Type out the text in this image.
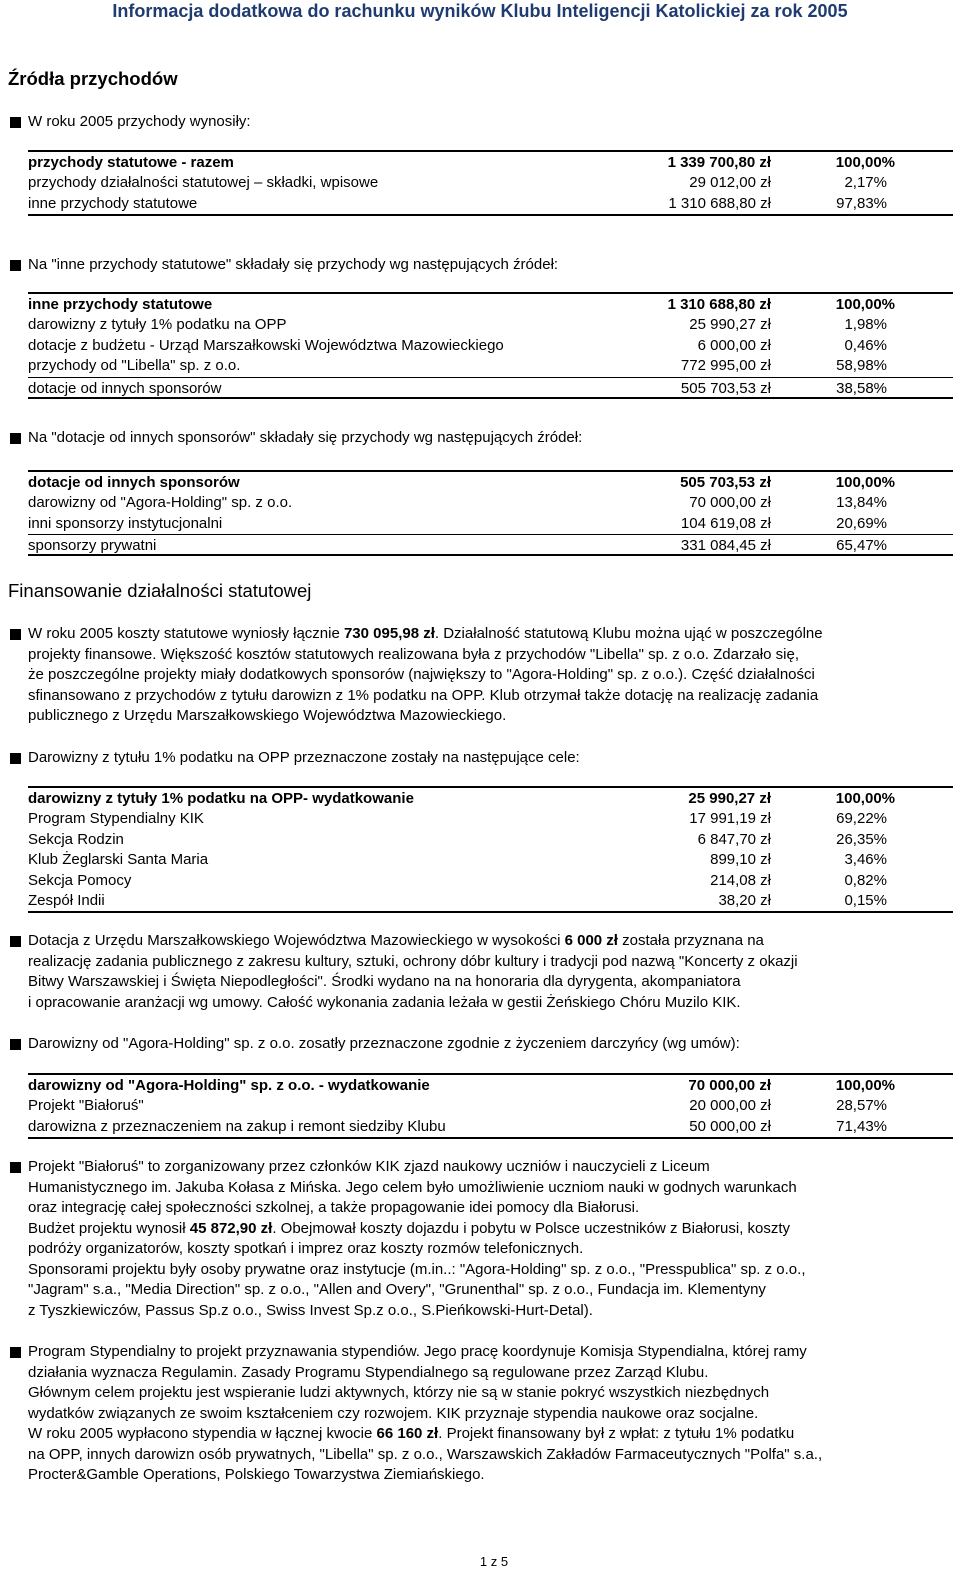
Informacja dodatkowa do rachunku wyników Klubu Inteligencji Katolickiej za rok 2005
Źródła przychodów
W roku 2005 przychody wynosiły:
przychody statutowe - razem	1 339 700,80 zł	100,00%
przychody działalności statutowej – składki, wpisowe	29 012,00 zł	2,17%
inne przychody statutowe	1 310 688,80 zł	97,83%
Na "inne przychody statutowe" składały się przychody wg następujących źródeł:
inne przychody statutowe	1 310 688,80 zł	100,00%
darowizny z tytuły 1% podatku na OPP	25 990,27 zł	1,98%
dotacje z budżetu - Urząd Marszałkowski Województwa Mazowieckiego	6 000,00 zł	0,46%
przychody od "Libella" sp. z o.o.	772 995,00 zł	58,98%
dotacje od innych sponsorów	505 703,53 zł	38,58%
Na "dotacje od innych sponsorów" składały się przychody wg następujących źródeł:
dotacje od innych sponsorów	505 703,53 zł	100,00%
darowizny od "Agora-Holding" sp. z o.o.	70 000,00 zł	13,84%
inni sponsorzy instytucjonalni	104 619,08 zł	20,69%
sponsorzy prywatni	331 084,45 zł	65,47%
Finansowanie działalności statutowej

W roku 2005 koszty statutowe wyniosły łącznie 730 095,98 zł. Działalność statutową Klubu można ująć w poszczególne

projekty finansowe. Większość kosztów statutowych realizowana była z przychodów "Libella" sp. z o.o. Zdarzało się,

że poszczególne projekty miały dodatkowych sponsorów (największy to "Agora-Holding" sp. z o.o.). Część działalności

sfinansowano z przychodów z tytułu darowizn z 1% podatku na OPP. Klub otrzymał także dotację na realizację zadania

publicznego z Urzędu Marszałkowskiego Województwa Mazowieckiego.

Darowizny z tytułu 1% podatku na OPP przeznaczone zostały na następujące cele:
darowizny z tytuły 1% podatku na OPP- wydatkowanie	25 990,27 zł	100,00%
Program Stypendialny KIK	17 991,19 zł	69,22%
Sekcja Rodzin	6 847,70 zł	26,35%
Klub Żeglarski Santa Maria	899,10 zł	3,46%
Sekcja Pomocy	214,08 zł	0,82%
Zespół Indii	38,20 zł	0,15%

Dotacja z Urzędu Marszałkowskiego Województwa Mazowieckiego w wysokości 6 000 zł została przyznana na

realizację zadania publicznego z zakresu kultury, sztuki, ochrony dóbr kultury i tradycji pod nazwą "Koncerty z okazji

Bitwy Warszawskiej i Święta Niepodległości". Środki wydano na na honoraria dla dyrygenta, akompaniatora

i opracowanie aranżacji wg umowy. Całość wykonania zadania leżała w gestii Żeńskiego Chóru Muzilo KIK.

Darowizny od "Agora-Holding" sp. z o.o. zosatły przeznaczone zgodnie z życzeniem darczyńcy (wg umów):
darowizny od "Agora-Holding" sp. z o.o. - wydatkowanie	70 000,00 zł	100,00%
Projekt "Białoruś"	20 000,00 zł	28,57%
darowizna z przeznaczeniem na zakup i remont siedziby Klubu	50 000,00 zł	71,43%

Projekt "Białoruś" to zorganizowany przez członków KIK zjazd naukowy uczniów i nauczycieli z Liceum

Humanistycznego im. Jakuba Kołasa z Mińska. Jego celem było umożliwienie uczniom nauki w godnych warunkach

oraz integrację całej społeczności szkolnej, a także propagowanie idei pomocy dla Białorusi.

Budżet projektu wynosił 45 872,90 zł. Obejmował koszty dojazdu i pobytu w Polsce uczestników z Białorusi, koszty

podróży organizatorów, koszty spotkań i imprez oraz koszty rozmów telefonicznych.

Sponsorami projektu były osoby prywatne oraz instytucje (m.in..: "Agora-Holding" sp. z o.o., "Presspublica" sp. z o.o.,

"Jagram" s.a., "Media Direction" sp. z o.o., "Allen and Overy", "Grunenthal" sp. z o.o., Fundacja im. Klementyny

z Tyszkiewiczów, Passus Sp.z o.o., Swiss Invest Sp.z o.o., S.Pieńkowski-Hurt-Detal).

Program Stypendialny to projekt przyznawania stypendiów. Jego pracę koordynuje Komisja Stypendialna, której ramy

działania wyznacza Regulamin. Zasady Programu Stypendialnego są regulowane przez Zarząd Klubu.

Głównym celem projektu jest wspieranie ludzi aktywnych, którzy nie są w stanie pokryć wszystkich niezbędnych

wydatków związanych ze swoim kształceniem czy rozwojem. KIK przyznaje stypendia naukowe oraz socjalne.

W roku 2005 wypłacono stypendia w łącznej kwocie 66 160 zł. Projekt finansowany był z wpłat: z tytułu 1% podatku

na OPP, innych darowizn osób prywatnych, "Libella" sp. z o.o., Warszawskich Zakładów Farmaceutycznych "Polfa" s.a.,

Procter&Gamble Operations, Polskiego Towarzystwa Ziemiańskiego.

1 z 5
